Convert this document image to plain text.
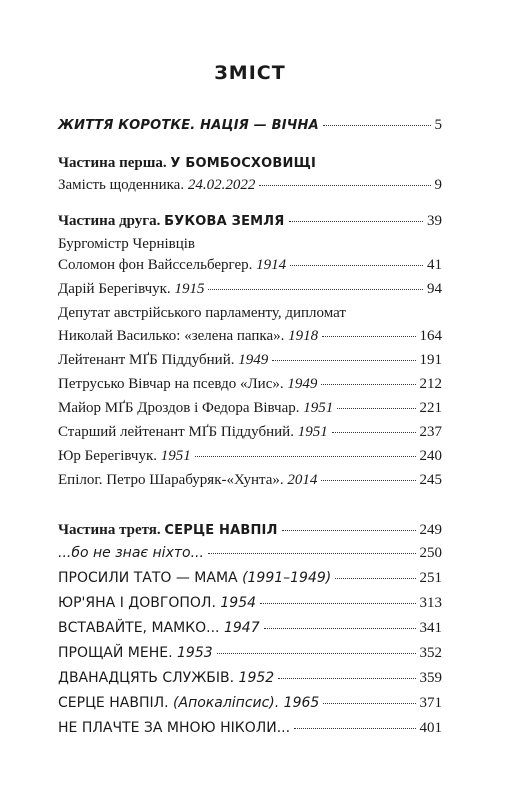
ЗМІСТ
ЖИТТЯ КОРОТКЕ. НАЦІЯ — ВІЧНА	5
Частина перша. У БОМБОСХОВИЩІ
Замість щоденника. 24.02.2022	9
Частина друга. БУКОВА ЗЕМЛЯ	39
Бургомістр Чернівців
Соломон фон Вайссельбергер. 1914	41
Дарій Берегівчук. 1915	94
Депутат австрійського парламенту, дипломат
Николай Василько: «зелена папка». 1918	164
Лейтенант МҐБ Піддубний. 1949	191
Петрусько Вівчар на псевдо «Лис». 1949	212
Майор МҐБ Дроздов і Федора Вівчар. 1951	221
Старший лейтенант МҐБ Піддубний. 1951	237
Юр Берегівчук. 1951	240
Епілог. Петро Шарабуряк-«Хунта». 2014	245
Частина третя. СЕРЦЕ НАВПІЛ	249
...бо не знає ніхто...	250
ПРОСИЛИ ТАТО — МАМА (1991–1949)	251
ЮР'ЯНА І ДОВГОПОЛ. 1954	313
ВСТАВАЙТЕ, МАМКО... 1947	341
ПРОЩАЙ МЕНЕ. 1953	352
ДВАНАДЦЯТЬ СЛУЖБІВ. 1952	359
СЕРЦЕ НАВПІЛ. (Апокаліпсис). 1965	371
НЕ ПЛАЧТЕ ЗА МНОЮ НІКОЛИ...	401
